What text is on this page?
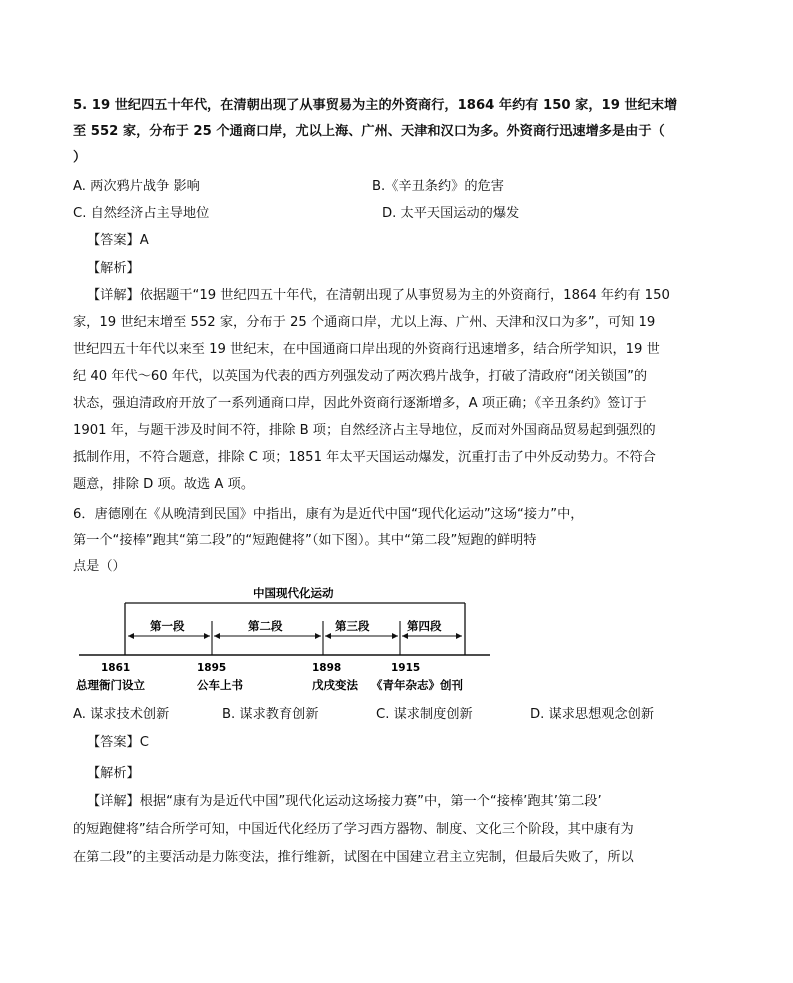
5. 19 世纪四五十年代，在清朝出现了从事贸易为主的外资商行，1864 年约有 150 家，19 世纪末增
至 552 家，分布于 25 个通商口岸，尤以上海、广州、天津和汉口为多。外资商行迅速增多是由于（
）
A. 两次鸦片战争 影响	B.《辛丑条约》的危害
C. 自然经济占主导地位	D. 太平天国运动的爆发
【答案】A
【解析】
【详解】依据题干“19 世纪四五十年代，在清朝出现了从事贸易为主的外资商行，1864 年约有 150
家，19 世纪末增至 552 家，分布于 25 个通商口岸，尤以上海、广州、天津和汉口为多”，可知 19
世纪四五十年代以来至 19 世纪末，在中国通商口岸出现的外资商行迅速增多，结合所学知识，19 世
纪 40 年代～60 年代，以英国为代表的西方列强发动了两次鸦片战争，打破了清政府“闭关锁国”的
状态，强迫清政府开放了一系列通商口岸，因此外资商行逐渐增多，A 项正确；《辛丑条约》签订于
1901 年，与题干涉及时间不符，排除 B 项；自然经济占主导地位，反而对外国商品贸易起到强烈的
抵制作用，不符合题意，排除 C 项；1851 年太平天国运动爆发，沉重打击了中外反动势力。不符合
题意，排除 D 项。故选 A 项。
6．唐德刚在《从晚清到民国》中指出，康有为是近代中国“现代化运动”这场“接力”中，
第一个“接棒”跑其“第二段”的“短跑健将”（如下图）。其中“第二段”短跑的鲜明特
点是（）
中国现代化运动
第一段	第二段	第三段	第四段
1861	1895	1898	1915
总理衙门设立	公车上书	戊戌变法 《青年杂志》创刊
A. 谋求技术创新	B. 谋求教育创新	C. 谋求制度创新	D. 谋求思想观念创新
【答案】C
【解析】
【详解】根据“康有为是近代中国”现代化运动这场接力赛”中，第一个“接棒’跑其’第二段’
的短跑健将”结合所学可知，中国近代化经历了学习西方器物、制度、文化三个阶段，其中康有为
在第二段”的主要活动是力陈变法，推行维新，试图在中国建立君主立宪制，但最后失败了，所以
